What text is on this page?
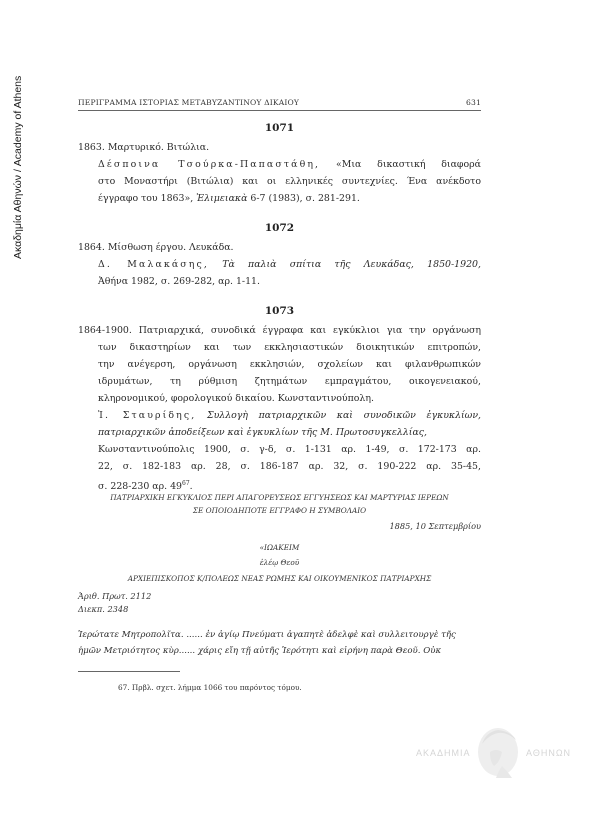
Ακαδημία Αθηνών / Academy of Athens	ΠΕΡΙΓΡΑΜΜΑ ΙΣΤΟΡΙΑΣ ΜΕΤΑΒΥΖΑΝΤΙΝΟΥ ΔΙΚΑΙΟΥ	631
1071
1863. Μαρτυρικό. Βιτώλια.
Δέσποινα Τσούρκα-Παπαστάθη, «Μια δικαστική διαφορά
στο Μοναστήρι (Βιτώλια) και οι ελληνικές συντεχνίες. Ένα ανέκδοτο
έγγραφο του 1863», Ἐλιμειακὰ 6-7 (1983), σ. 281-291.
1072
1864. Μίσθωση έργου. Λευκάδα.
Δ. Μαλακάσης, Τὰ παλιὰ σπίτια τῆς Λευκάδας, 1850-1920,
Ἀθήνα 1982, σ. 269-282, αρ. 1-11.
1073
1864-1900. Πατριαρχικά, συνοδικά έγγραφα και εγκύκλιοι για την οργάνωση
των δικαστηρίων και των εκκλησιαστικών διοικητικών επιτροπών,
την ανέγερση, οργάνωση εκκλησιών, σχολείων και φιλανθρωπικών
ιδρυμάτων, τη ρύθμιση ζητημάτων εμπραγμάτου, οικογενειακού,
κληρονομικού, φορολογικού δικαίου. Κωνσταντινούπολη.
Ἰ. Σταυρίδης, Συλλογὴ πατριαρχικῶν καὶ συνοδικῶν ἐγκυκλίων,
πατριαρχικῶν ἀποδείξεων καὶ ἐγκυκλίων τῆς Μ. Πρωτοσυγκελλίας,
Κωνσταντινούπολις 1900, σ. γ-δ, σ. 1-131 αρ. 1-49, σ. 172-173 αρ.
22, σ. 182-183 αρ. 28, σ. 186-187 αρ. 32, σ. 190-222 αρ. 35-45,
σ. 228-230 αρ. $49^{67}$.
ΠΑΤΡΙΑΡΧΙΚΗ ΕΓΚΥΚΛΙΟΣ ΠΕΡΙ ΑΠΑΓΟΡΕΥΣΕΩΣ ΕΓΓΥΗΣΕΩΣ ΚΑΙ ΜΑΡΤΥΡΙΑΣ ΙΕΡΕΩΝ
ΣΕ ΟΠΟΙΟΔΗΠΟΤΕ ΕΓΓΡΑΦΟ Η ΣΥΜΒΟΛΑΙΟ
1885, 10 Σεπτεμβρίου
«ΙΩΑΚΕΙΜ
ἐλέῳ Θεοῦ
ΑΡΧΙΕΠΙΣΚΟΠΟΣ Κ/ΠΟΛΕΩΣ ΝΕΑΣ ΡΩΜΗΣ ΚΑΙ ΟΙΚΟΥΜΕΝΙΚΟΣ ΠΑΤΡΙΑΡΧΗΣ
Ἀριθ. Πρωτ. 2112
Διεκπ. 2348
Ἱερώτατε Μητροπολῖτα. ...... ἐν ἁγίῳ Πνεύματι ἀγαπητὲ ἀδελφὲ καὶ συλλειτουργὲ τῆς
ἡμῶν Μετριότητος κὺρ...... χάρις εἴη τῇ αὐτῆς Ἱερότητι καὶ εἰρήνη παρὰ Θεοῦ. Οὐκ
67. Πρβλ. σχετ. λήμμα 1066 του παρόντος τόμου.
ΑΚΑΔΗΜΙΑ	ΑΘΗΝΩΝ
